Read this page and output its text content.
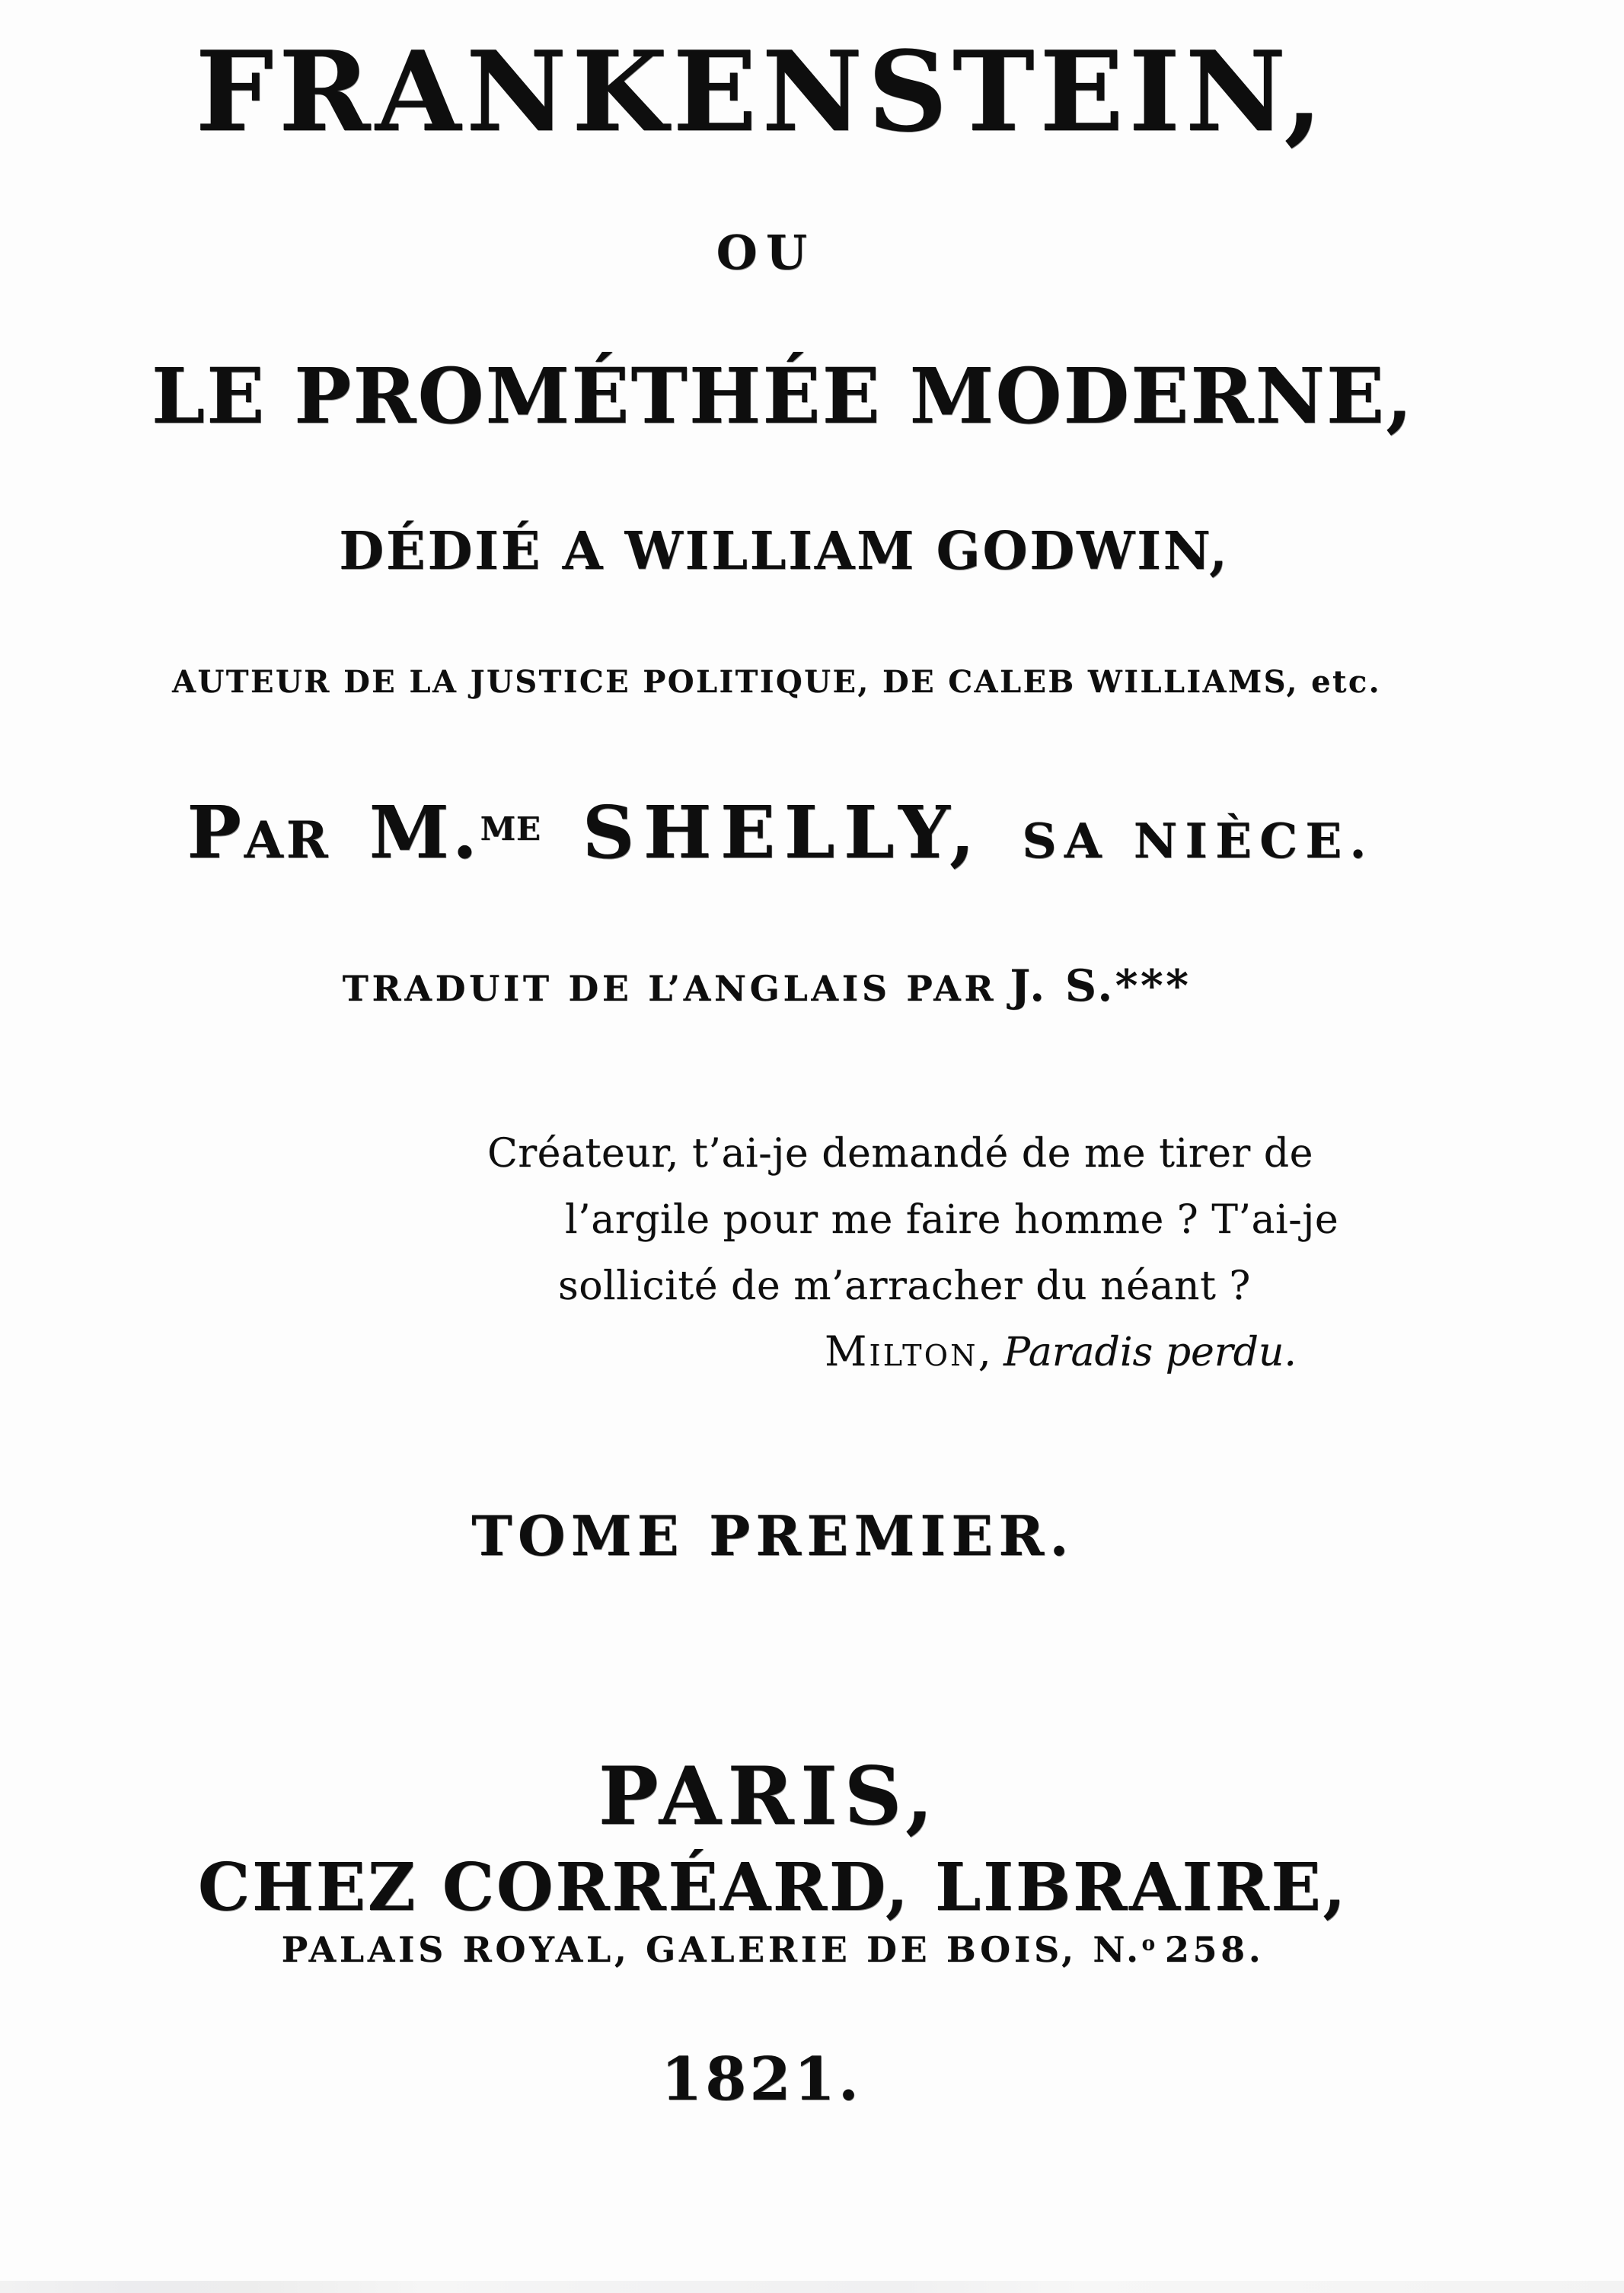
FRANKENSTEIN,
OU
LE PROMÉTHÉE MODERNE,
DÉDIÉ A WILLIAM GODWIN,
AUTEUR DE LA JUSTICE POLITIQUE, DE CALEB WILLIAMS, etc.
PAR M.$^{ME}$ SHELLY, SA NIÈCE.
TRADUIT DE L’ANGLAIS PAR J. S.***
Créateur, t’ai-je demandé de me tirer de
l’argile pour me faire homme ? T’ai-je
sollicité de m’arracher du néant ?
Milton, Paradis perdu.
TOME PREMIER.
PARIS,
CHEZ CORRÉARD, LIBRAIRE,
PALAIS ROYAL, GALERIE DE BOIS, N.$^o$ 258.
1821.
